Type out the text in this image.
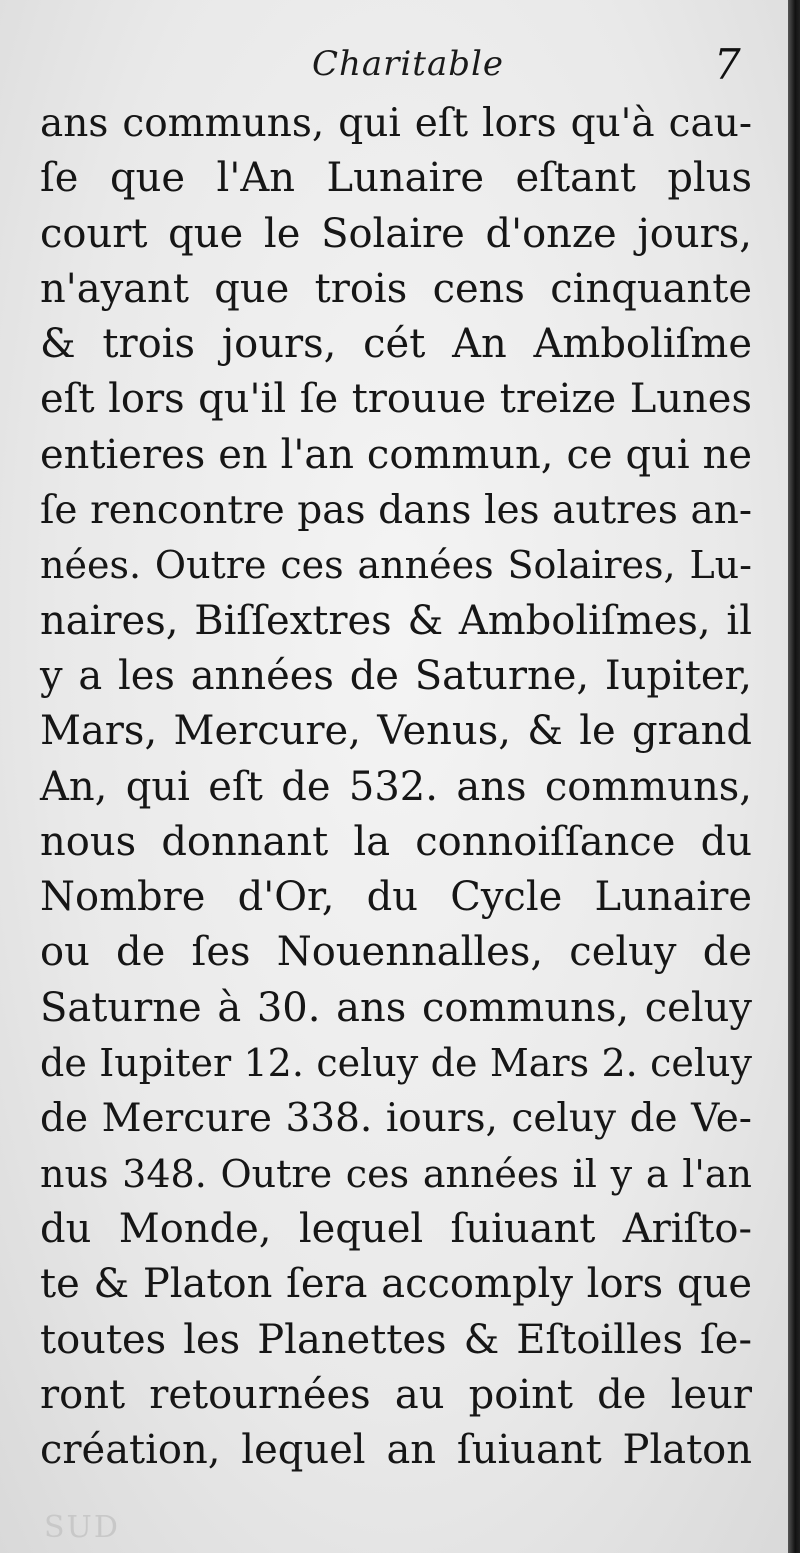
Charitable	7
ans communs, qui eſt lors qu'à cau-
ſe que l'An Lunaire eſtant plus
court que le Solaire d'onze jours,
n'ayant que trois cens cinquante
& trois jours, cét An Amboliſme
eſt lors qu'il ſe trouue treize Lunes
entieres en l'an commun, ce qui ne
ſe rencontre pas dans les autres an-
nées. Outre ces années Solaires, Lu-
naires, Biſſextres & Amboliſmes, il
y a les années de Saturne, Iupiter,
Mars, Mercure, Venus, & le grand
An, qui eſt de 532. ans communs,
nous donnant la connoiſſance du
Nombre d'Or, du Cycle Lunaire
ou de ſes Nouennalles, celuy de
Saturne à 30. ans communs, celuy
de Iupiter 12. celuy de Mars 2. celuy
de Mercure 338. iours, celuy de Ve-
nus 348. Outre ces années il y a l'an
du Monde, lequel ſuiuant Ariſto-
te & Platon ſera accomply lors que
toutes les Planettes & Eſtoilles ſe-
ront retournées au point de leur
création, lequel an ſuiuant Platon
SUD
